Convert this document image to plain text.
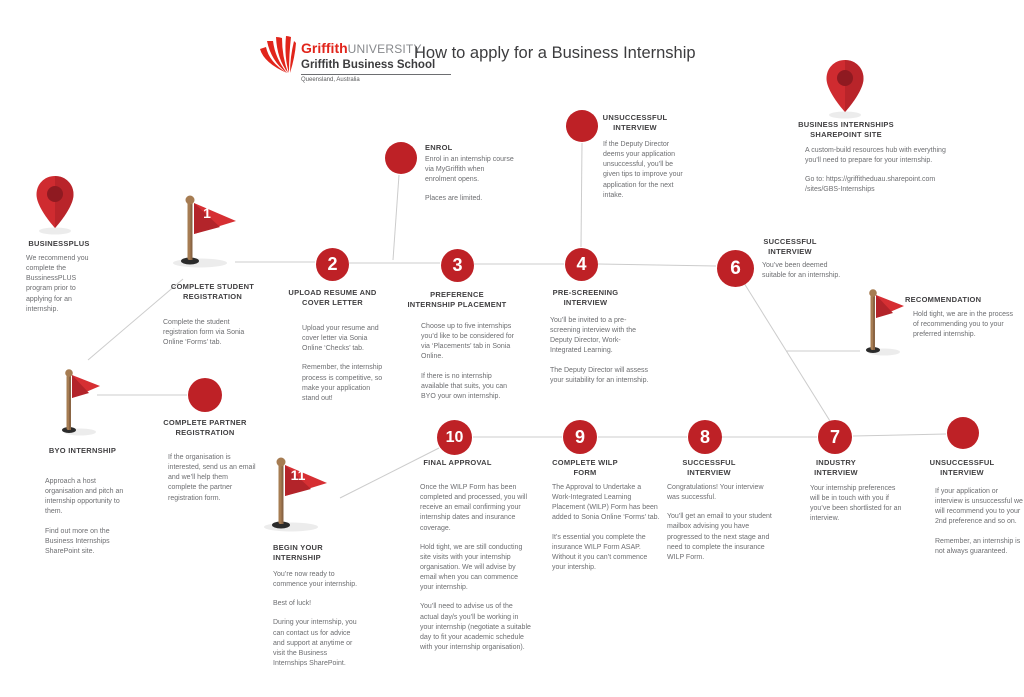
GriffithUNIVERSITY
Griffith Business School
Queensland, Australia
How to apply for a Business Internship
BUSINESSPLUS

We recommend you complete the BussinessPLUS program prior to applying for an internship.

1
COMPLETE STUDENT REGISTRATION

Complete the student registration form via Sonia Online ‘Forms’ tab.

2
UPLOAD RESUME AND COVER LETTER

Upload your resume and cover letter via Sonia Online ‘Checks’ tab.

Remember, the internship process is competitive, so make your application stand out!

3
PREFERENCE INTERNSHIP PLACEMENT

Choose up to five internships you’d like to be considered for via ‘Placements’ tab in Sonia Online.

If there is no internship available that suits, you can BYO your own internship.

ENROL

Enrol in an internship course via MyGriffith when enrolment opens.

Places are limited.

4
PRE-SCREENING INTERVIEW

You’ll be invited to a pre-screening interview with the Deputy Director, Work-Integrated Learning.

The Deputy Director will assess your suitability for an internship.

UNSUCCESSFUL INTERVIEW

If the Deputy Director deems your application unsuccessful, you’ll be given tips to improve your application for the next intake.

BUSINESS INTERNSHIPS SHAREPOINT SITE

A custom-build resources hub with everything you’ll need to prepare for your internship.

Go to: https://griffitheduau.sharepoint.com /sites/GBS-Internships

6
SUCCESSFUL INTERVIEW

You’ve been deemed suitable for an internship.

RECOMMENDATION

Hold tight, we are in the process of recommending you to your preferred internship.

BYO INTERNSHIP

Approach a host organisation and pitch an internship opportunity to them.

Find out more on the Business Internships SharePoint site.

COMPLETE PARTNER REGISTRATION

If the organisation is interested, send us an email and we’ll help them complete the partner registration form.

11
BEGIN YOUR INTERNSHIP

You’re now ready to commence your internship.

Best of luck!

During your internship, you can contact us for advice and support at anytime or visit the Business Internships SharePoint.

10
FINAL APPROVAL

Once the WILP Form has been completed and processed, you will receive an email confirming your internship dates and insurance coverage.

Hold tight, we are still conducting site visits with your internship organisation. We will advise by email when you can commence your internship.

You’ll need to advise us of the actual day/s you’ll be working in your internship (negotiate a suitable day to fit your academic schedule with your internship organisation).

9
COMPLETE WILP FORM

The Approval to Undertake a Work-Integrated Learning Placement (WILP) Form has been added to Sonia Online ‘Forms’ tab.

It’s essential you complete the insurance WILP Form ASAP. Without it you can’t commence your intership.

8
SUCCESSFUL INTERVIEW

Congratulations! Your interview was successful.

You’ll get an email to your student mailbox advising you have progressed to the next stage and need to complete the insurance WILP Form.

7
INDUSTRY INTERVIEW

Your internship preferences will be in touch with you if you’ve been shortlisted for an interview.

UNSUCCESSFUL INTERVIEW

If your application or interview is unsuccessful we will recommend you to your 2nd preference and so on.

Remember, an internship is not always guaranteed.
